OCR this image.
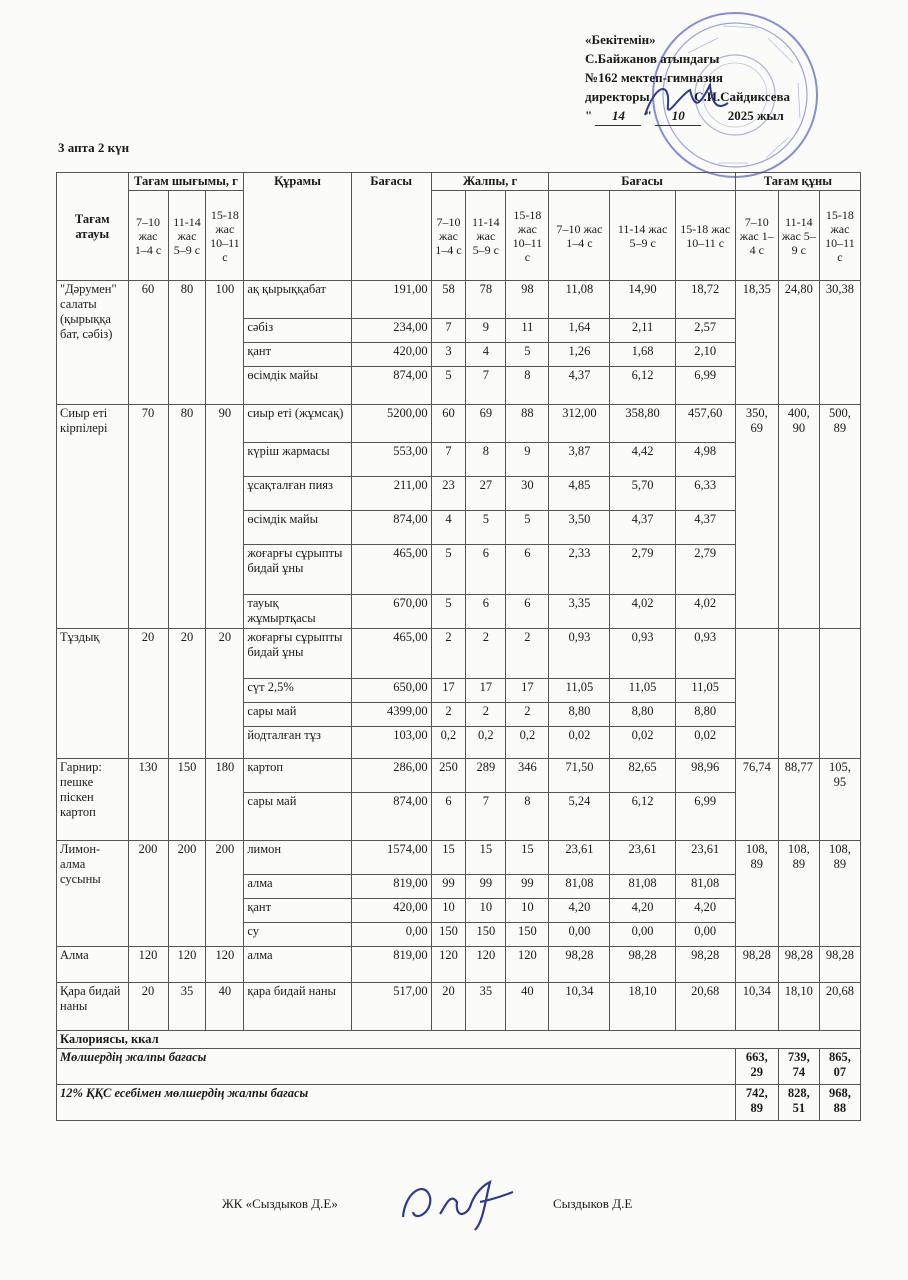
«Бекітемін»
С.Байжанов атындағы
№162 мектеп-гимназия
директоры	С.И.Сайдиксева
" 14 " 10	2025 жыл
3 апта 2 күн
Тағам атауы	Тағам шығымы, г			Құрамы	Бағасы	Жалпы, г			Бағасы			Тағам құны		
	7–10 жас 1–4 с	11-14 жас 5–9 с	15-18 жас 10–11 с			7–10 жас 1–4 с	11-14 жас 5–9 с	15-18 жас 10–11 с	7–10 жас 1–4 с	11-14 жас 5–9 с	15-18 жас 10–11 с	7–10 жас 1–4 с	11-14 жас 5–9 с	15-18 жас 10–11 с
"Дәрумен" салаты (қырыққа бат, сәбіз)	60	80	100	ақ қырыққабат	191,00	58	78	98	11,08	14,90	18,72	18,35	24,80	30,38
				сәбіз	234,00	7	9	11	1,64	2,11	2,57			
				қант	420,00	3	4	5	1,26	1,68	2,10			
				өсімдік майы	874,00	5	7	8	4,37	6,12	6,99			
Сиыр еті кірпілері	70	80	90	сиыр еті (жұмсақ)	5200,00	60	69	88	312,00	358,80	457,60	350, 69	400, 90	500, 89
				күріш жармасы	553,00	7	8	9	3,87	4,42	4,98			
				ұсақталған пияз	211,00	23	27	30	4,85	5,70	6,33			
				өсімдік майы	874,00	4	5	5	3,50	4,37	4,37			
				жоғарғы сұрыпты бидай ұны	465,00	5	6	6	2,33	2,79	2,79			
				тауық жұмыртқасы	670,00	5	6	6	3,35	4,02	4,02			
Тұздық	20	20	20	жоғарғы сұрыпты бидай ұны	465,00	2	2	2	0,93	0,93	0,93			
				сүт 2,5%	650,00	17	17	17	11,05	11,05	11,05			
				сары май	4399,00	2	2	2	8,80	8,80	8,80			
				йодталған тұз	103,00	0,2	0,2	0,2	0,02	0,02	0,02			
Гарнир: пешке піскен картоп	130	150	180	картоп	286,00	250	289	346	71,50	82,65	98,96	76,74	88,77	105, 95
				сары май	874,00	6	7	8	5,24	6,12	6,99			
Лимон-алма сусыны	200	200	200	лимон	1574,00	15	15	15	23,61	23,61	23,61	108, 89	108, 89	108, 89
				алма	819,00	99	99	99	81,08	81,08	81,08			
				қант	420,00	10	10	10	4,20	4,20	4,20			
				су	0,00	150	150	150	0,00	0,00	0,00			
Алма	120	120	120	алма	819,00	120	120	120	98,28	98,28	98,28	98,28	98,28	98,28
Қара бидай наны	20	35	40	қара бидай наны	517,00	20	35	40	10,34	18,10	20,68	10,34	18,10	20,68
Калориясы, ккал														
Мөлшердің жалпы бағасы												663, 29	739, 74	865, 07
12% ҚҚС есебімен мөлшердің жалпы бағасы												742, 89	828, 51	968, 88
ЖК «Сыздыков Д.Е»	Сыздыков Д.Е
